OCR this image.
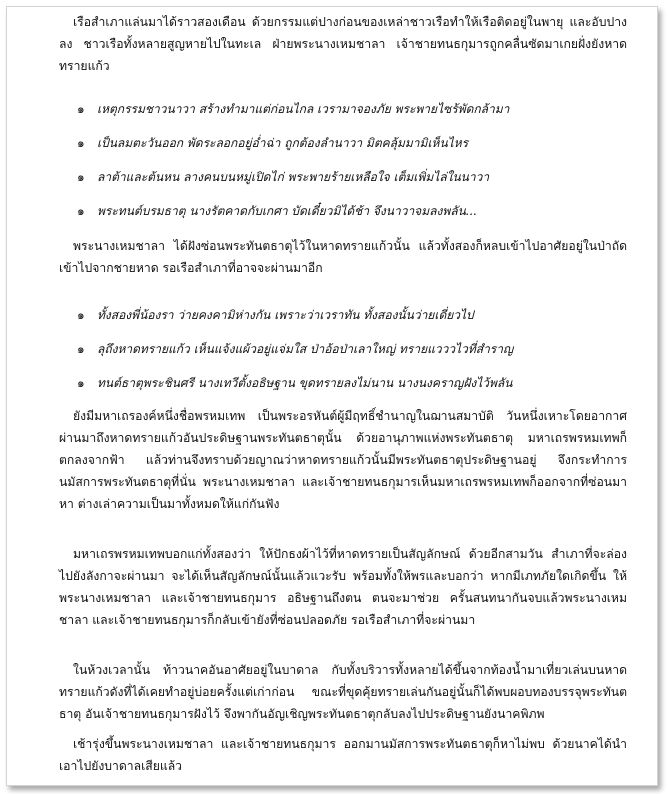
เรือสำเภาแล่นมาได้ราวสองเดือน ด้วยกรรมแต่ปางก่อนของเหล่าชาวเรือทำให้เรือติดอยู่ในพายุ และอับปางลง ชาวเรือทั้งหลายสูญหายไปในทะเล ฝ่ายพระนางเหมชาลา เจ้าชายทนธกุมารถูกคลื่นซัดมาเกยฝั่งยังหาดทรายแก้ว

๑ เหตุกรรมชาวนาวา สร้างทำมาแต่ก่อนไกล เวรามาจองภัย พระพายไซร้พัดกล้ามา

๑ เป็นลมตะวันออก พัดระลอกอยู่อ่ำฉ่า ถูกต้องลำนาวา มิตคลุ้มมามิเห็นไหร

๑ ลาต้าและต้นหน ลางคนบนหมู่เปิดไก่ พระพายร้ายเหลือใจ เต็มเพิ่มไล่ในนาวา

๑ พระทนต์บรมธาตุ นางรัตคาดกับเกศา บัดเดี๋ยวมิได้ช้า จึงนาวาจมลงพลัน...

พระนางเหมชาลา ได้ฝังซ่อนพระทันตธาตุไว้ในหาดทรายแก้วนั้น แล้วทั้งสองก็หลบเข้าไปอาศัยอยู่ในป่าถัดเข้าไปจากชายหาด รอเรือสำเภาที่อาจจะผ่านมาอีก

๑ ทั้งสองพี่น้องรา ว่ายคงคามิห่างกัน เพราะว่าเวราทัน ทั้งสองนั้นว่ายเดี่ยวไป

๑ ลุถึงหาดทรายแก้ว เห็นแจ้งแผ้วอยู่แจ่มใส ป่าอ้อป่าเลาใหญ่ ทรายแวววไวที่สำราญ

๑ ทนต์ธาตุพระชินศรี นางเทวีตั้งอธิษฐาน ขุดทรายลงไม่นาน นางนงคราญฝังไว้พลัน

ยังมีมหาเถรองค์หนึ่งชื่อพรหมเทพ เป็นพระอรหันต์ผู้มีฤทธิ์ชำนาญในฌานสมาบัติ วันหนึ่งเหาะโดยอากาศผ่านมาถึงหาดทรายแก้วอันประดิษฐานพระทันตธาตุนั้น ด้วยอานุภาพแห่งพระทันตธาตุ มหาเถรพรหมเทพก็ตกลงจากฟ้า แล้วท่านจึงทราบด้วยญาณว่าหาดทรายแก้วนั้นมีพระทันตธาตุประดิษฐานอยู่ จึงกระทำการนมัสการพระทันตธาตุที่นั่น พระนางเหมชาลา และเจ้าชายทนธกุมารเห็นมหาเถรพรหมเทพก็ออกจากที่ซ่อนมาหา ต่างเล่าความเป็นมาทั้งหมดให้แก่กันฟัง

มหาเถรพรหมเทพบอกแก่ทั้งสองว่า ให้ปักธงผ้าไว้ที่หาดทรายเป็นสัญลักษณ์ ด้วยอีกสามวัน สำเภาที่จะล่องไปยังลังกาจะผ่านมา จะได้เห็นสัญลักษณ์นั้นแล้วแวะรับ พร้อมทั้งให้พรและบอกว่า หากมีเภทภัยใดเกิดขึ้น ให้พระนางเหมชาลา และเจ้าชายทนธกุมาร อธิษฐานถึงตน ตนจะมาช่วย ครั้นสนทนากันจบแล้วพระนางเหมชาลา และเจ้าชายทนธกุมารก็กลับเข้ายังที่ซ่อนปลอดภัย รอเรือสำเภาที่จะผ่านมา

ในห้วงเวลานั้น ท้าวนาคอันอาศัยอยู่ในบาดาล กับทั้งบริวารทั้งหลายได้ขึ้นจากท้องน้ำมาเที่ยวเล่นบนหาดทรายแก้วดังที่ได้เคยทำอยู่บ่อยครั้งแต่เก่าก่อน ขณะที่ขุดคุ้ยทรายเล่นกันอยู่นั้นก็ได้พบผอบทองบรรจุพระทันตธาตุ อันเจ้าชายทนธกุมารฝังไว้ จึงพากันอัญเชิญพระทันตธาตุกลับลงไปประดิษฐานยังนาคพิภพ

เช้ารุ่งขึ้นพระนางเหมชาลา และเจ้าชายทนธกุมาร ออกมานมัสการพระทันตธาตุก็หาไม่พบ ด้วยนาคได้นำเอาไปยังบาดาลเสียแล้ว
